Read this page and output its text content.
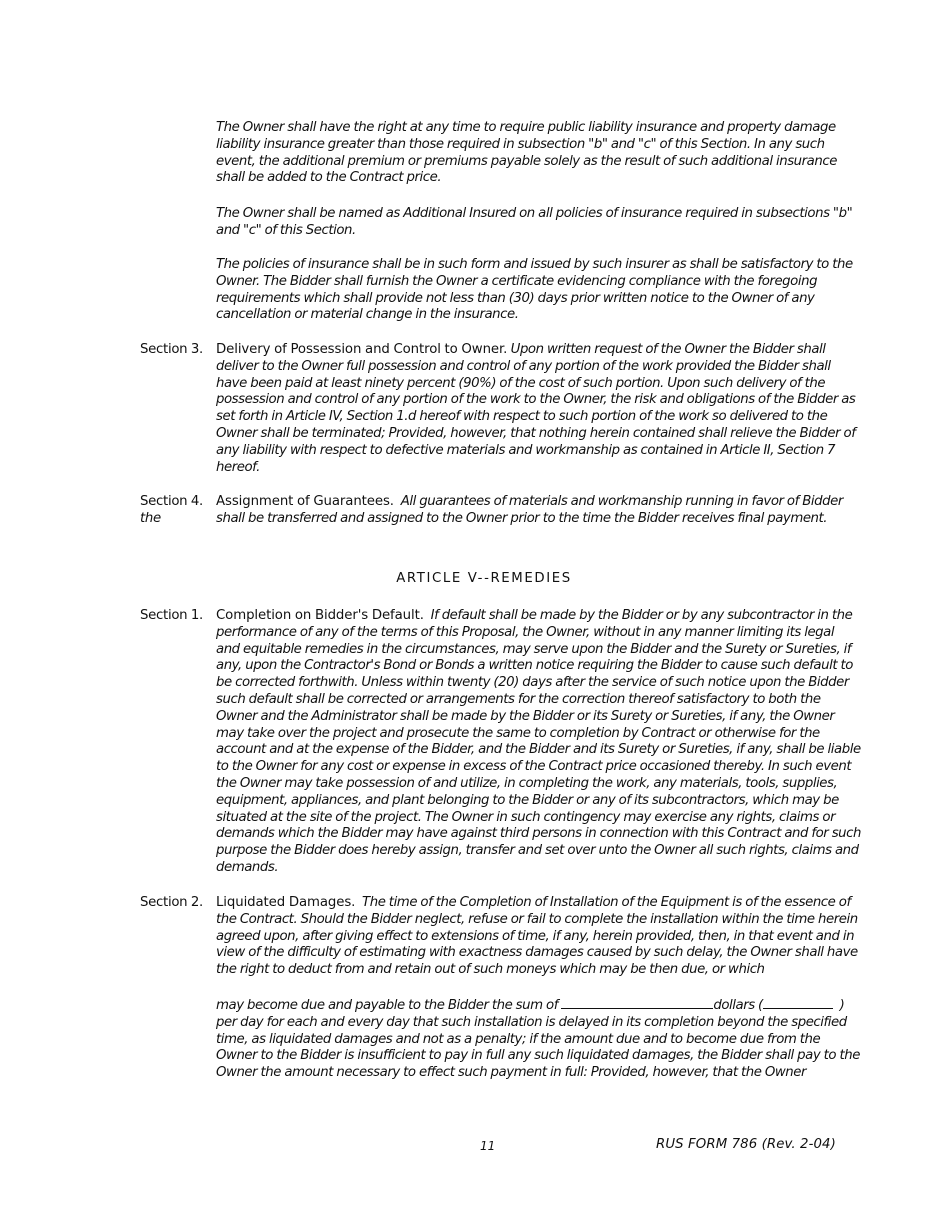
The Owner shall have the right at any time to require public liability insurance and property damage liability insurance greater than those required in subsection "b" and "c" of this Section. In any such event, the additional premium or premiums payable solely as the result of such additional insurance shall be added to the Contract price.

The Owner shall be named as Additional Insured on all policies of insurance required in subsections "b" and "c" of this Section.

The policies of insurance shall be in such form and issued by such insurer as shall be satisfactory to the Owner. The Bidder shall furnish the Owner a certificate evidencing compliance with the foregoing requirements which shall provide not less than (30) days prior written notice to the Owner of any cancellation or material change in the insurance.

Section 3. Delivery of Possession and Control to Owner. Upon written request of the Owner the Bidder shall deliver to the Owner full possession and control of any portion of the work provided the Bidder shall have been paid at least ninety percent (90%) of the cost of such portion. Upon such delivery of the possession and control of any portion of the work to the Owner, the risk and obligations of the Bidder as set forth in Article IV, Section 1.d hereof with respect to such portion of the work so delivered to the Owner shall be terminated; Provided, however, that nothing herein contained shall relieve the Bidder of any liability with respect to defective materials and workmanship as contained in Article II, Section 7 hereof.
Section 4.
the
Assignment of Guarantees. All guarantees of materials and workmanship running in favor of Bidder shall be transferred and assigned to the Owner prior to the time the Bidder receives final payment.
ARTICLE V--REMEDIES
Section 1. Completion on Bidder's Default. If default shall be made by the Bidder or by any subcontractor in the performance of any of the terms of this Proposal, the Owner, without in any manner limiting its legal and equitable remedies in the circumstances, may serve upon the Bidder and the Surety or Sureties, if any, upon the Contractor's Bond or Bonds a written notice requiring the Bidder to cause such default to be corrected forthwith. Unless within twenty (20) days after the service of such notice upon the Bidder such default shall be corrected or arrangements for the correction thereof satisfactory to both the Owner and the Administrator shall be made by the Bidder or its Surety or Sureties, if any, the Owner may take over the project and prosecute the same to completion by Contract or otherwise for the account and at the expense of the Bidder, and the Bidder and its Surety or Sureties, if any, shall be liable to the Owner for any cost or expense in excess of the Contract price occasioned thereby. In such event the Owner may take possession of and utilize, in completing the work, any materials, tools, supplies, equipment, appliances, and plant belonging to the Bidder or any of its subcontractors, which may be situated at the site of the project. The Owner in such contingency may exercise any rights, claims or demands which the Bidder may have against third persons in connection with this Contract and for such purpose the Bidder does hereby assign, transfer and set over unto the Owner all such rights, claims and demands.
Section 2. Liquidated Damages. The time of the Completion of Installation of the Equipment is of the essence of the Contract. Should the Bidder neglect, refuse or fail to complete the installation within the time herein agreed upon, after giving effect to extensions of time, if any, herein provided, then, in that event and in view of the difficulty of estimating with exactness damages caused by such delay, the Owner shall have the right to deduct from and retain out of such moneys which may be then due, or which

may become due and payable to the Bidder the sum of	dollars (	) per day for each and every day that such installation is delayed in its completion beyond the specified time, as liquidated damages and not as a penalty; if the amount due and to become due from the Owner to the Bidder is insufficient to pay in full any such liquidated damages, the Bidder shall pay to the Owner the amount necessary to effect such payment in full: Provided, however, that the Owner

11	RUS FORM 786 (Rev. 2-04)
